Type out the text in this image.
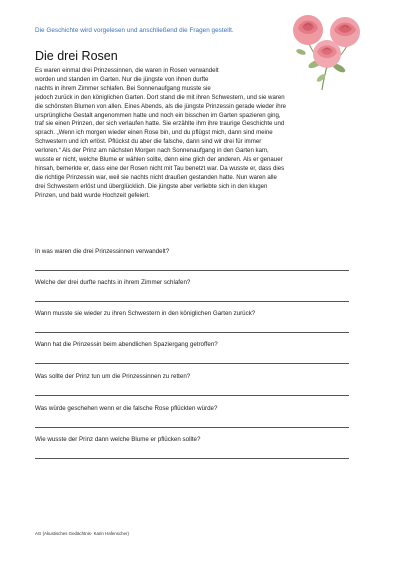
Die Geschichte wird vorgelesen und anschließend die Fragen gestellt.
Die drei Rosen
Es waren einmal drei Prinzessinnen, die waren in Rosen verwandelt
worden und standen im Garten. Nur die jüngste von ihnen durfte
nachts in ihrem Zimmer schlafen. Bei Sonnenaufgang musste sie
jedoch zurück in den königlichen Garten. Dort stand die mit ihren Schwestern, und sie waren
die schönsten Blumen von allen. Eines Abends, als die jüngste Prinzessin gerade wieder ihre
ursprüngliche Gestalt angenommen hatte und noch ein bisschen im Garten spazieren ging,
traf sie einen Prinzen, der sich verlaufen hatte. Sie erzählte ihm ihre traurige Geschichte und
sprach. „Wenn ich morgen wieder einen Rose bin, und du pflügst mich, dann sind meine
Schwestern und ich erlöst. Pflückst du aber die falsche, dann sind wir drei für immer
verloren.“ Als der Prinz am nächsten Morgen nach Sonnenaufgang in den Garten kam,
wusste er nicht, welche Blume er wählen sollte, denn eine glich der anderen. Als er genauer
hinsah, bemerkte er, dass eine der Rosen nicht mit Tau benetzt war. Da wusste er, dass dies
die richtige Prinzessin war, weil sie nachts nicht draußen gestanden hatte. Nun waren alle
drei Schwestern erlöst und überglücklich. Die jüngste aber verliebte sich in den klugen
Prinzen, und bald wurde Hochzeit gefeiert.
In was waren die drei Prinzessinnen verwandelt?
Welche der drei durfte nachts in ihrem Zimmer schlafen?
Wann musste sie wieder zu ihren Schwestern in den königlichen Garten zurück?
Wann hat die Prinzessin beim abendlichen Spaziergang getroffen?
Was sollte der Prinz tun um die Prinzessinnen zu retten?
Was würde geschehen wenn er die falsche Rose pflückten würde?
Wie wusste der Prinz dann welche Blume er pflücken sollte?
AG (Akustisches Gedächtnis- Karin Hafenscher)
